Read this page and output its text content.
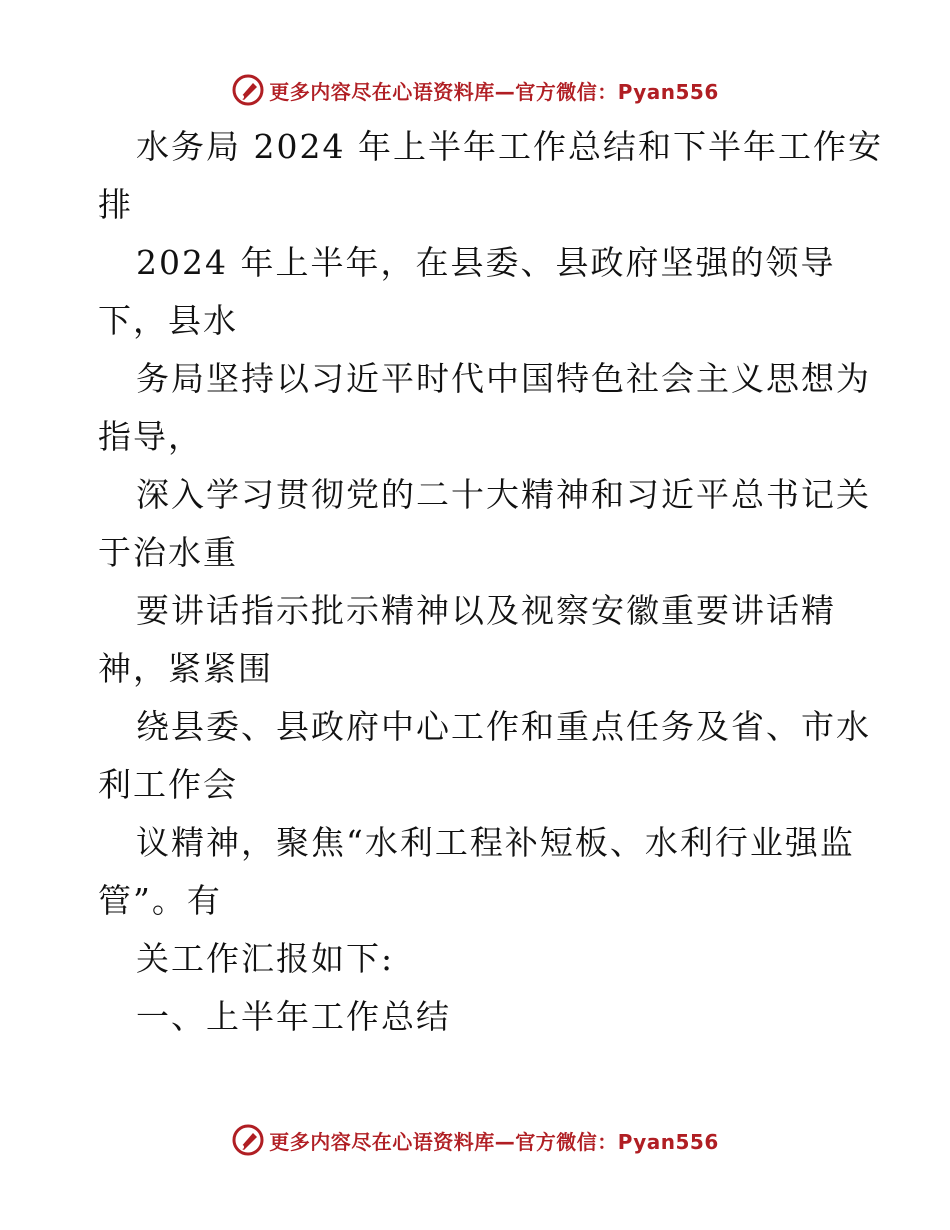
更多内容尽在心语资料库—官方微信：Pyan556
水务局 2024 年上半年工作总结和下半年工作安
排
2024 年上半年，在县委、县政府坚强的领导
下，县水
务局坚持以习近平时代中国特色社会主义思想为
指导，
深入学习贯彻党的二十大精神和习近平总书记关
于治水重
要讲话指示批示精神以及视察安徽重要讲话精
神，紧紧围
绕县委、县政府中心工作和重点任务及省、市水
利工作会
议精神，聚焦“水利工程补短板、水利行业强监
管”。有
关工作汇报如下:
一、上半年工作总结
更多内容尽在心语资料库—官方微信：Pyan556
